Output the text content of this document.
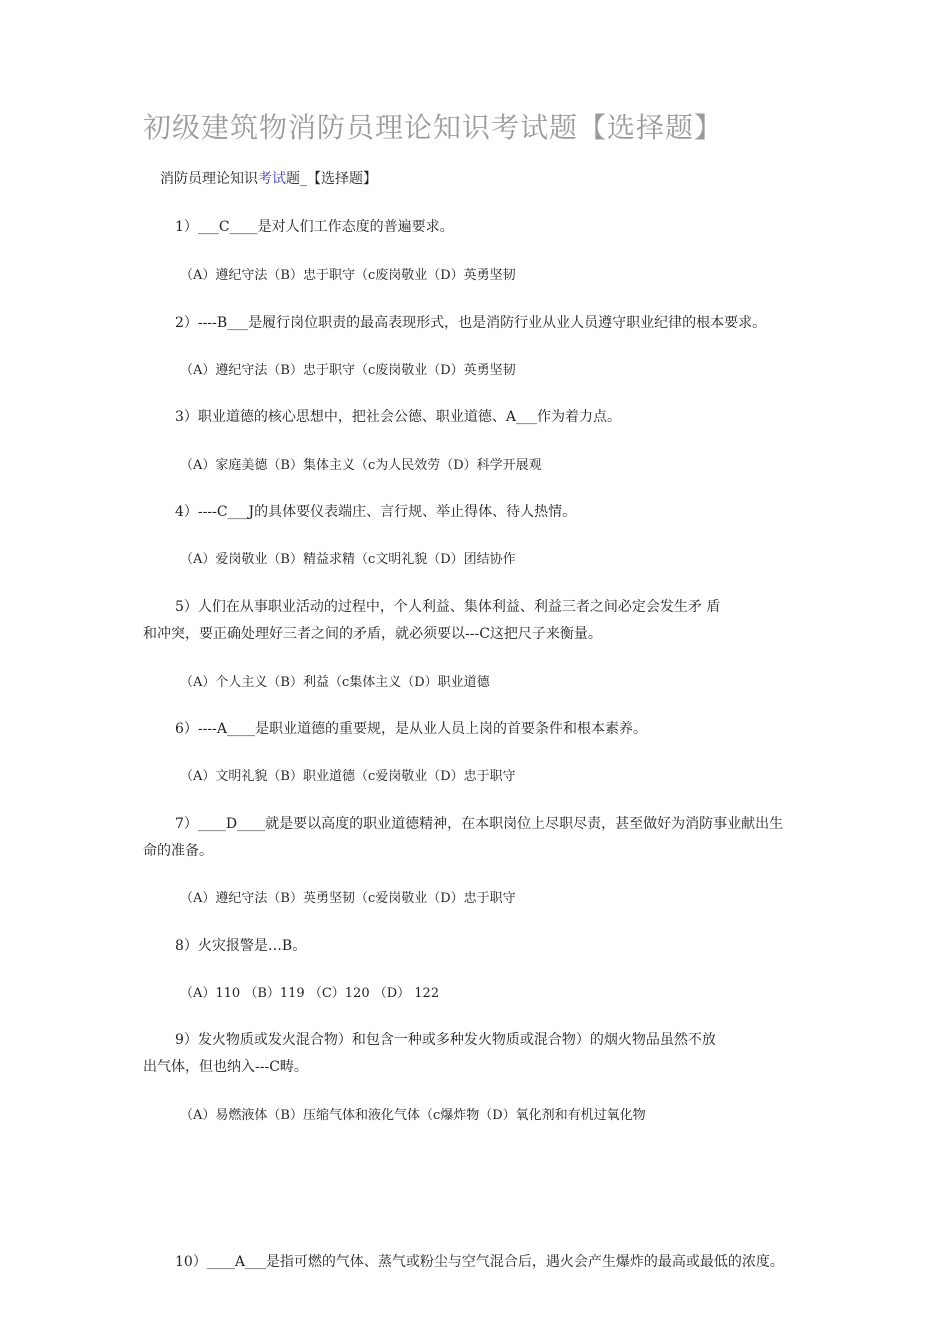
初级建筑物消防员理论知识考试题【选择题】
消防员理论知识考试题_【选择题】
1）___C____是对人们工作态度的普遍要求。
（A）遵纪守法（B）忠于职守（c废岗敬业（D）英勇坚韧
2）----B___是履行岗位职责的最高表现形式，也是消防行业从业人员遵守职业纪律的根本要求。
（A）遵纪守法（B）忠于职守（c废岗敬业（D）英勇坚韧
3）职业道德的核心思想中，把社会公德、职业道德、A___作为着力点。
（A）家庭美德（B）集体主义（c为人民效劳（D）科学开展观
4）----C___J的具体要仪表端庄、言行规、举止得体、待人热情。
（A）爱岗敬业（B）精益求精（c文明礼貌（D）团结协作
5）人们在从事职业活动的过程中，个人利益、集体利益、利益三者之间必定会发生矛 盾
和冲突，要正确处理好三者之间的矛盾，就必须要以---C这把尺子来衡量。
（A）个人主义（B）利益（c集体主义（D）职业道德
6）----A____是职业道德的重要规，是从业人员上岗的首要条件和根本素养。
（A）文明礼貌（B）职业道德（c爱岗敬业（D）忠于职守
7）____D____就是要以高度的职业道德精神，在本职岗位上尽职尽责，甚至做好为消防事业献出生
命的准备。
（A）遵纪守法（B）英勇坚韧（c爱岗敬业（D）忠于职守
8）火灾报警是…B。
（A）110 （B）119 （C）120 （D） 122
9）发火物质或发火混合物）和包含一种或多种发火物质或混合物）的烟火物品虽然不放
出气体，但也纳入---C畴。
（A）易燃液体（B）压缩气体和液化气体（c爆炸物（D）氧化剂和有机过氧化物
10）____A___是指可燃的气体、蒸气或粉尘与空气混合后，遇火会产生爆炸的最高或最低的浓度。
